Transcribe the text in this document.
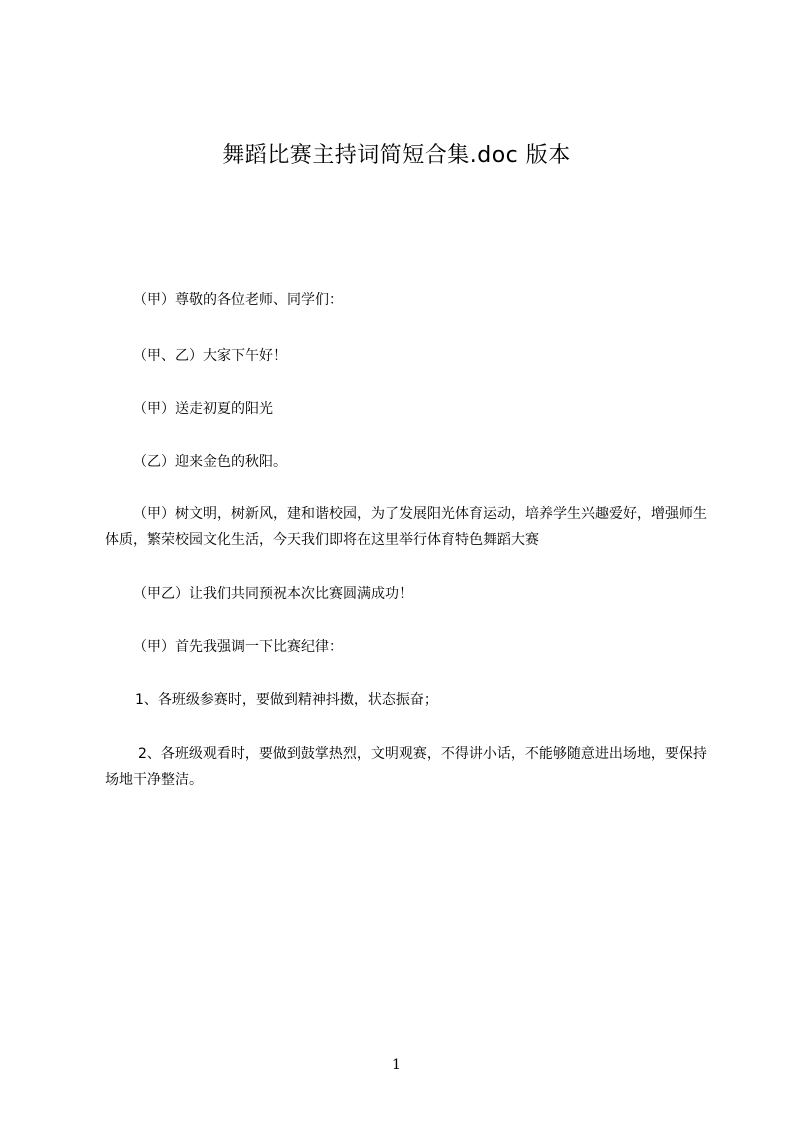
舞蹈比赛主持词简短合集.doc 版本

（甲）尊敬的各位老师、同学们：

（甲、乙）大家下午好！

（甲）送走初夏的阳光

（乙）迎来金色的秋阳。

（甲）树文明，树新风，建和谐校园，为了发展阳光体育运动，培养学生兴趣爱好，增强师生体质，繁荣校园文化生活，今天我们即将在这里举行体育特色舞蹈大赛

（甲乙）让我们共同预祝本次比赛圆满成功！

（甲）首先我强调一下比赛纪律：

1、各班级参赛时，要做到精神抖擞，状态振奋；

2、各班级观看时，要做到鼓掌热烈，文明观赛，不得讲小话，不能够随意进出场地，要保持场地干净整洁。

1
